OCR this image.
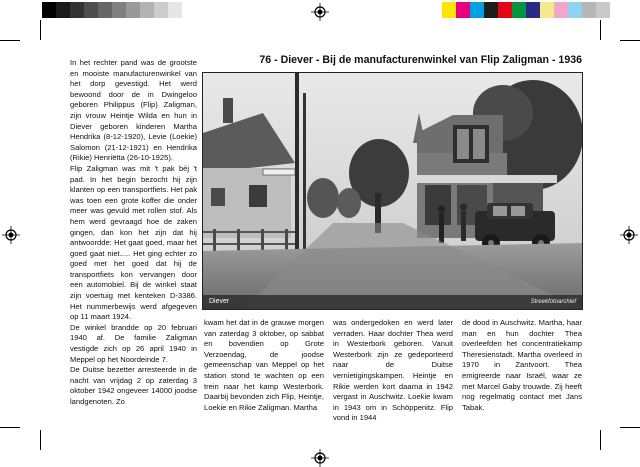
In het rechter pand was de grootste en mooiste manufacturenwinkel van het dorp gevestigd. Het werd bewoond door de in Dwingeloo geboren Philippus (Flip) Zaligman, zijn vrouw Heintje Wilda en hun in Diever geboren kinderen Martha Hendrika (8-12-1920), Levie (Loekie) Salomon (21-12-1921) en Hendrika (Rikie) Henriëtta (26-10-1925).

Flip Zaligman was mit 't pak bèj 't pad. In het begin bezocht hij zijn klanten op een transportfiets. Het pak was toen een grote koffer die onder meer was gevuld met rollen stof. Als hem werd gevraagd hoe de zaken gingen, dan kon het zijn dat hij antwoordde: Het gaat goed, maar het goed gaat niet..... Het ging echter zo goed met het goed dat hij de transportfiets kon vervangen door een automobiel. Bij de winkel staat zijn voertuig met kenteken D-3386. Het nummerbewijs werd afgegeven op 11 maart 1924.

De winkel brandde op 20 februari 1940 af. De familie Zaligman vestigde zich op 26 april 1940 in Meppel op het Noordeinde 7.

De Duitse bezetter arresteerde in de nacht van vrijdag 2 op zaterdag 3 oktober 1942 ongeveer 14000 joodse landgenoten. Zo

76 - Diever - Bij de manufacturenwinkel van Flip Zaligman - 1936
Diever	Streekfotoarchief

kwam het dat in de grauwe morgen van zaterdag 3 oktober, op sabbat en bovendien op Grote Verzoendag, de joodse gemeenschap van Meppel op het station stond te wachten op een trein naar het kamp Westerbork. Daarbij bevonden zich Flip, Heintje, Loekie en Rikie Zaligman. Martha

was ondergedoken en werd later verraden. Haar dochter Thea werd in Westerbork geboren. Vanuit Westerbork zijn ze gedeporteerd naar de Duitse vernietigingskampen. Heintje en Rikie werden kort daarna in 1942 vergast in Auschwitz. Loekie kwam in 1943 om in Schöppenitz. Flip vond in 1944

de dood in Auschwitz. Martha, haar man en hun dochter Thea overleefden het concentratiekamp Theresienstadt. Martha overleed in 1970 in Zantvoort. Thea emigreerde naar Israël, waar ze met Marcel Gaby trouwde. Zij heeft nog regelmatig contact met Jans Tabak.
